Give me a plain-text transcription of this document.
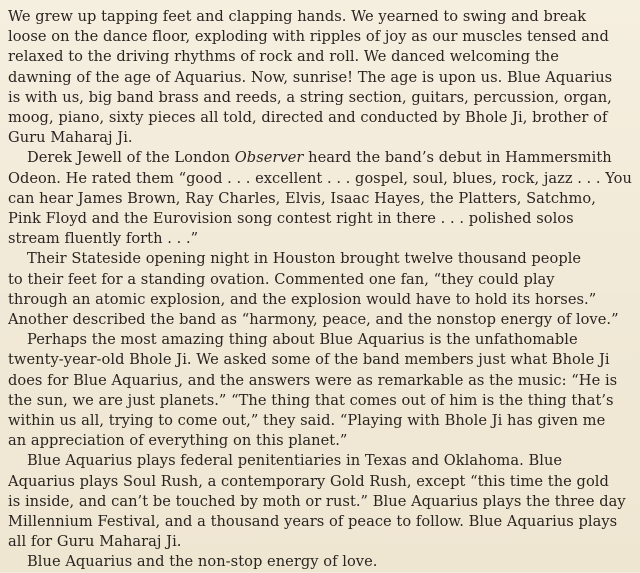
We grew up tapping feet and clapping hands. We yearned to swing and break
loose on the dance floor, exploding with ripples of joy as our muscles tensed and
relaxed to the driving rhythms of rock and roll. We danced welcoming the
dawning of the age of Aquarius. Now, sunrise! The age is upon us. Blue Aquarius
is with us, big band brass and reeds, a string section, guitars, percussion, organ,
moog, piano, sixty pieces all told, directed and conducted by Bhole Ji, brother of
Guru Maharaj Ji.
Derek Jewell of the London Observer heard the band’s debut in Hammersmith
Odeon. He rated them “good . . . excellent . . . gospel, soul, blues, rock, jazz . . . You
can hear James Brown, Ray Charles, Elvis, Isaac Hayes, the Platters, Satchmo,
Pink Floyd and the Eurovision song contest right in there . . . polished solos
stream fluently forth . . .”
Their Stateside opening night in Houston brought twelve thousand people
to their feet for a standing ovation. Commented one fan, “they could play
through an atomic explosion, and the explosion would have to hold its horses.”
Another described the band as “harmony, peace, and the nonstop energy of love.”
Perhaps the most amazing thing about Blue Aquarius is the unfathomable
twenty-year-old Bhole Ji. We asked some of the band members just what Bhole Ji
does for Blue Aquarius, and the answers were as remarkable as the music: “He is
the sun, we are just planets.” “The thing that comes out of him is the thing that’s
within us all, trying to come out,” they said. “Playing with Bhole Ji has given me
an appreciation of everything on this planet.”
Blue Aquarius plays federal penitentiaries in Texas and Oklahoma. Blue
Aquarius plays Soul Rush, a contemporary Gold Rush, except “this time the gold
is inside, and can’t be touched by moth or rust.” Blue Aquarius plays the three day
Millennium Festival, and a thousand years of peace to follow. Blue Aquarius plays
all for Guru Maharaj Ji.
Blue Aquarius and the non-stop energy of love.
